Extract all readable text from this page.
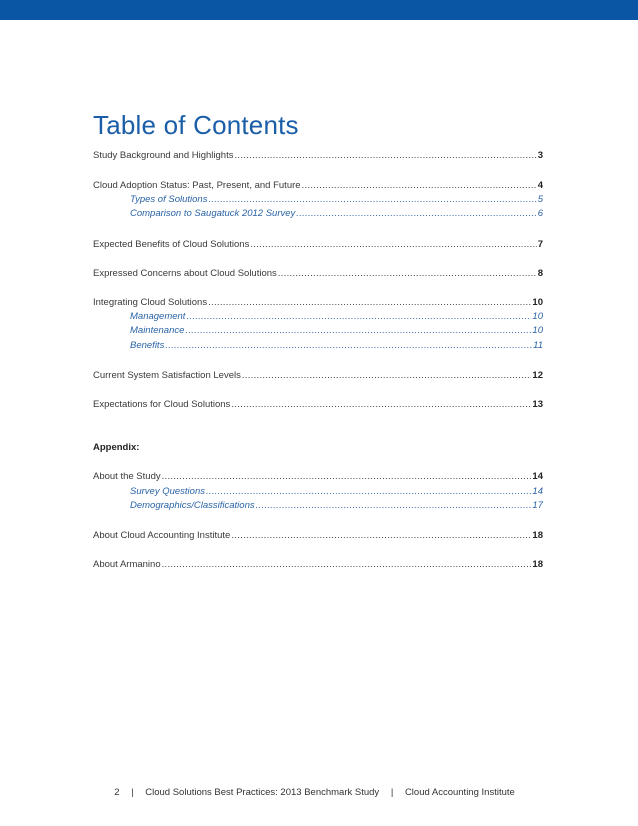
Table of Contents
Study Background and Highlights .....	3
Cloud Adoption Status: Past, Present, and Future .....	4
Types of Solutions .....	5
Comparison to Saugatuck 2012 Survey .....	6
Expected Benefits of Cloud Solutions .....	7
Expressed Concerns about Cloud Solutions .....	8
Integrating Cloud Solutions .....	10
Management .....	10
Maintenance .....	10
Benefits .....	11
Current System Satisfaction Levels .....	12
Expectations for Cloud Solutions .....	13
Appendix:
About the Study .....	14
Survey Questions .....	14
Demographics/Classifications .....	17
About Cloud Accounting Institute .....	18
About Armanino .....	18
2 | Cloud Solutions Best Practices: 2013 Benchmark Study | Cloud Accounting Institute
